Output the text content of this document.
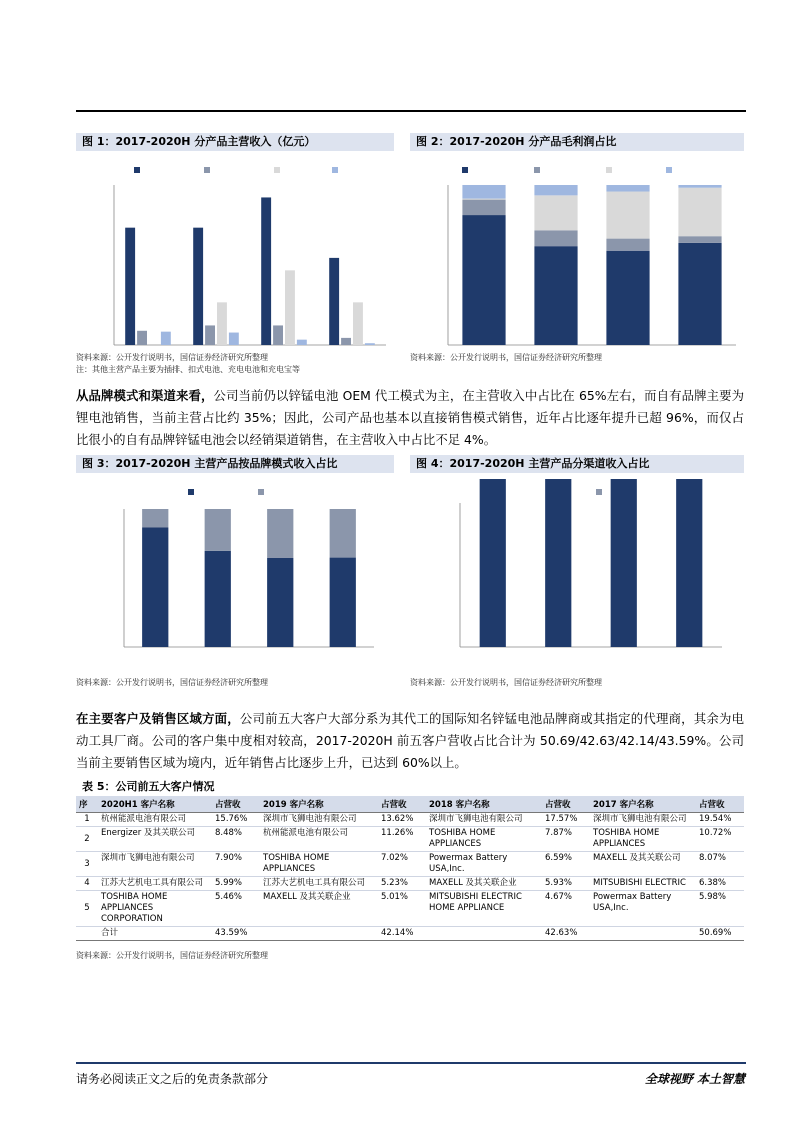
图 1：2017-2020H 分产品主营收入（亿元）
资料来源：公开发行说明书，国信证券经济研究所整理
注：其他主营产品主要为插排、扣式电池、充电电池和充电宝等
图 2：2017-2020H 分产品毛利润占比
资料来源：公开发行说明书，国信证券经济研究所整理
从品牌模式和渠道来看，公司当前仍以锌锰电池 OEM 代工模式为主，在主营收入中占比在 65%左右，而自有品牌主要为锂电池销售，当前主营占比约 35%；因此，公司产品也基本以直接销售模式销售，近年占比逐年提升已超 96%，而仅占比很小的自有品牌锌锰电池会以经销渠道销售，在主营收入中占比不足 4%。
图 3：2017-2020H 主营产品按品牌模式收入占比
资料来源：公开发行说明书，国信证券经济研究所整理
图 4：2017-2020H 主营产品分渠道收入占比
资料来源：公开发行说明书，国信证券经济研究所整理
在主要客户及销售区域方面，公司前五大客户大部分系为其代工的国际知名锌锰电池品牌商或其指定的代理商，其余为电动工具厂商。公司的客户集中度相对较高，2017-2020H 前五客户营收占比合计为 50.69/42.63/42.14/43.59%。公司当前主要销售区域为境内，近年销售占比逐步上升，已达到 60%以上。
表 5：公司前五大客户情况
序	2020H1 客户名称	占营收	2019 客户名称	占营收	2018 客户名称	占营收	2017 客户名称	占营收
1	杭州能派电池有限公司	15.76%	深圳市飞狮电池有限公司	13.62%	深圳市飞狮电池有限公司	17.57%	深圳市飞狮电池有限公司	19.54%
2	Energizer 及其关联公司	8.48%	杭州能派电池有限公司	11.26%	TOSHIBA HOME APPLIANCES	7.87%	TOSHIBA HOME APPLIANCES	10.72%
3	深圳市飞狮电池有限公司	7.90%	TOSHIBA HOME APPLIANCES	7.02%	Powermax Battery USA,Inc.	6.59%	MAXELL 及其关联公司	8.07%
4	江苏大艺机电工具有限公司	5.99%	江苏大艺机电工具有限公司	5.23%	MAXELL 及其关联企业	5.93%	MITSUBISHI ELECTRIC	6.38%
5	TOSHIBA HOME APPLIANCES CORPORATION	5.46%	MAXELL 及其关联企业	5.01%	MITSUBISHI ELECTRIC HOME APPLIANCE	4.67%	Powermax Battery USA,Inc.	5.98%
	合计	43.59%		42.14%		42.63%		50.69%
资料来源：公开发行说明书，国信证券经济研究所整理
请务必阅读正文之后的免责条款部分	全球视野 本土智慧
